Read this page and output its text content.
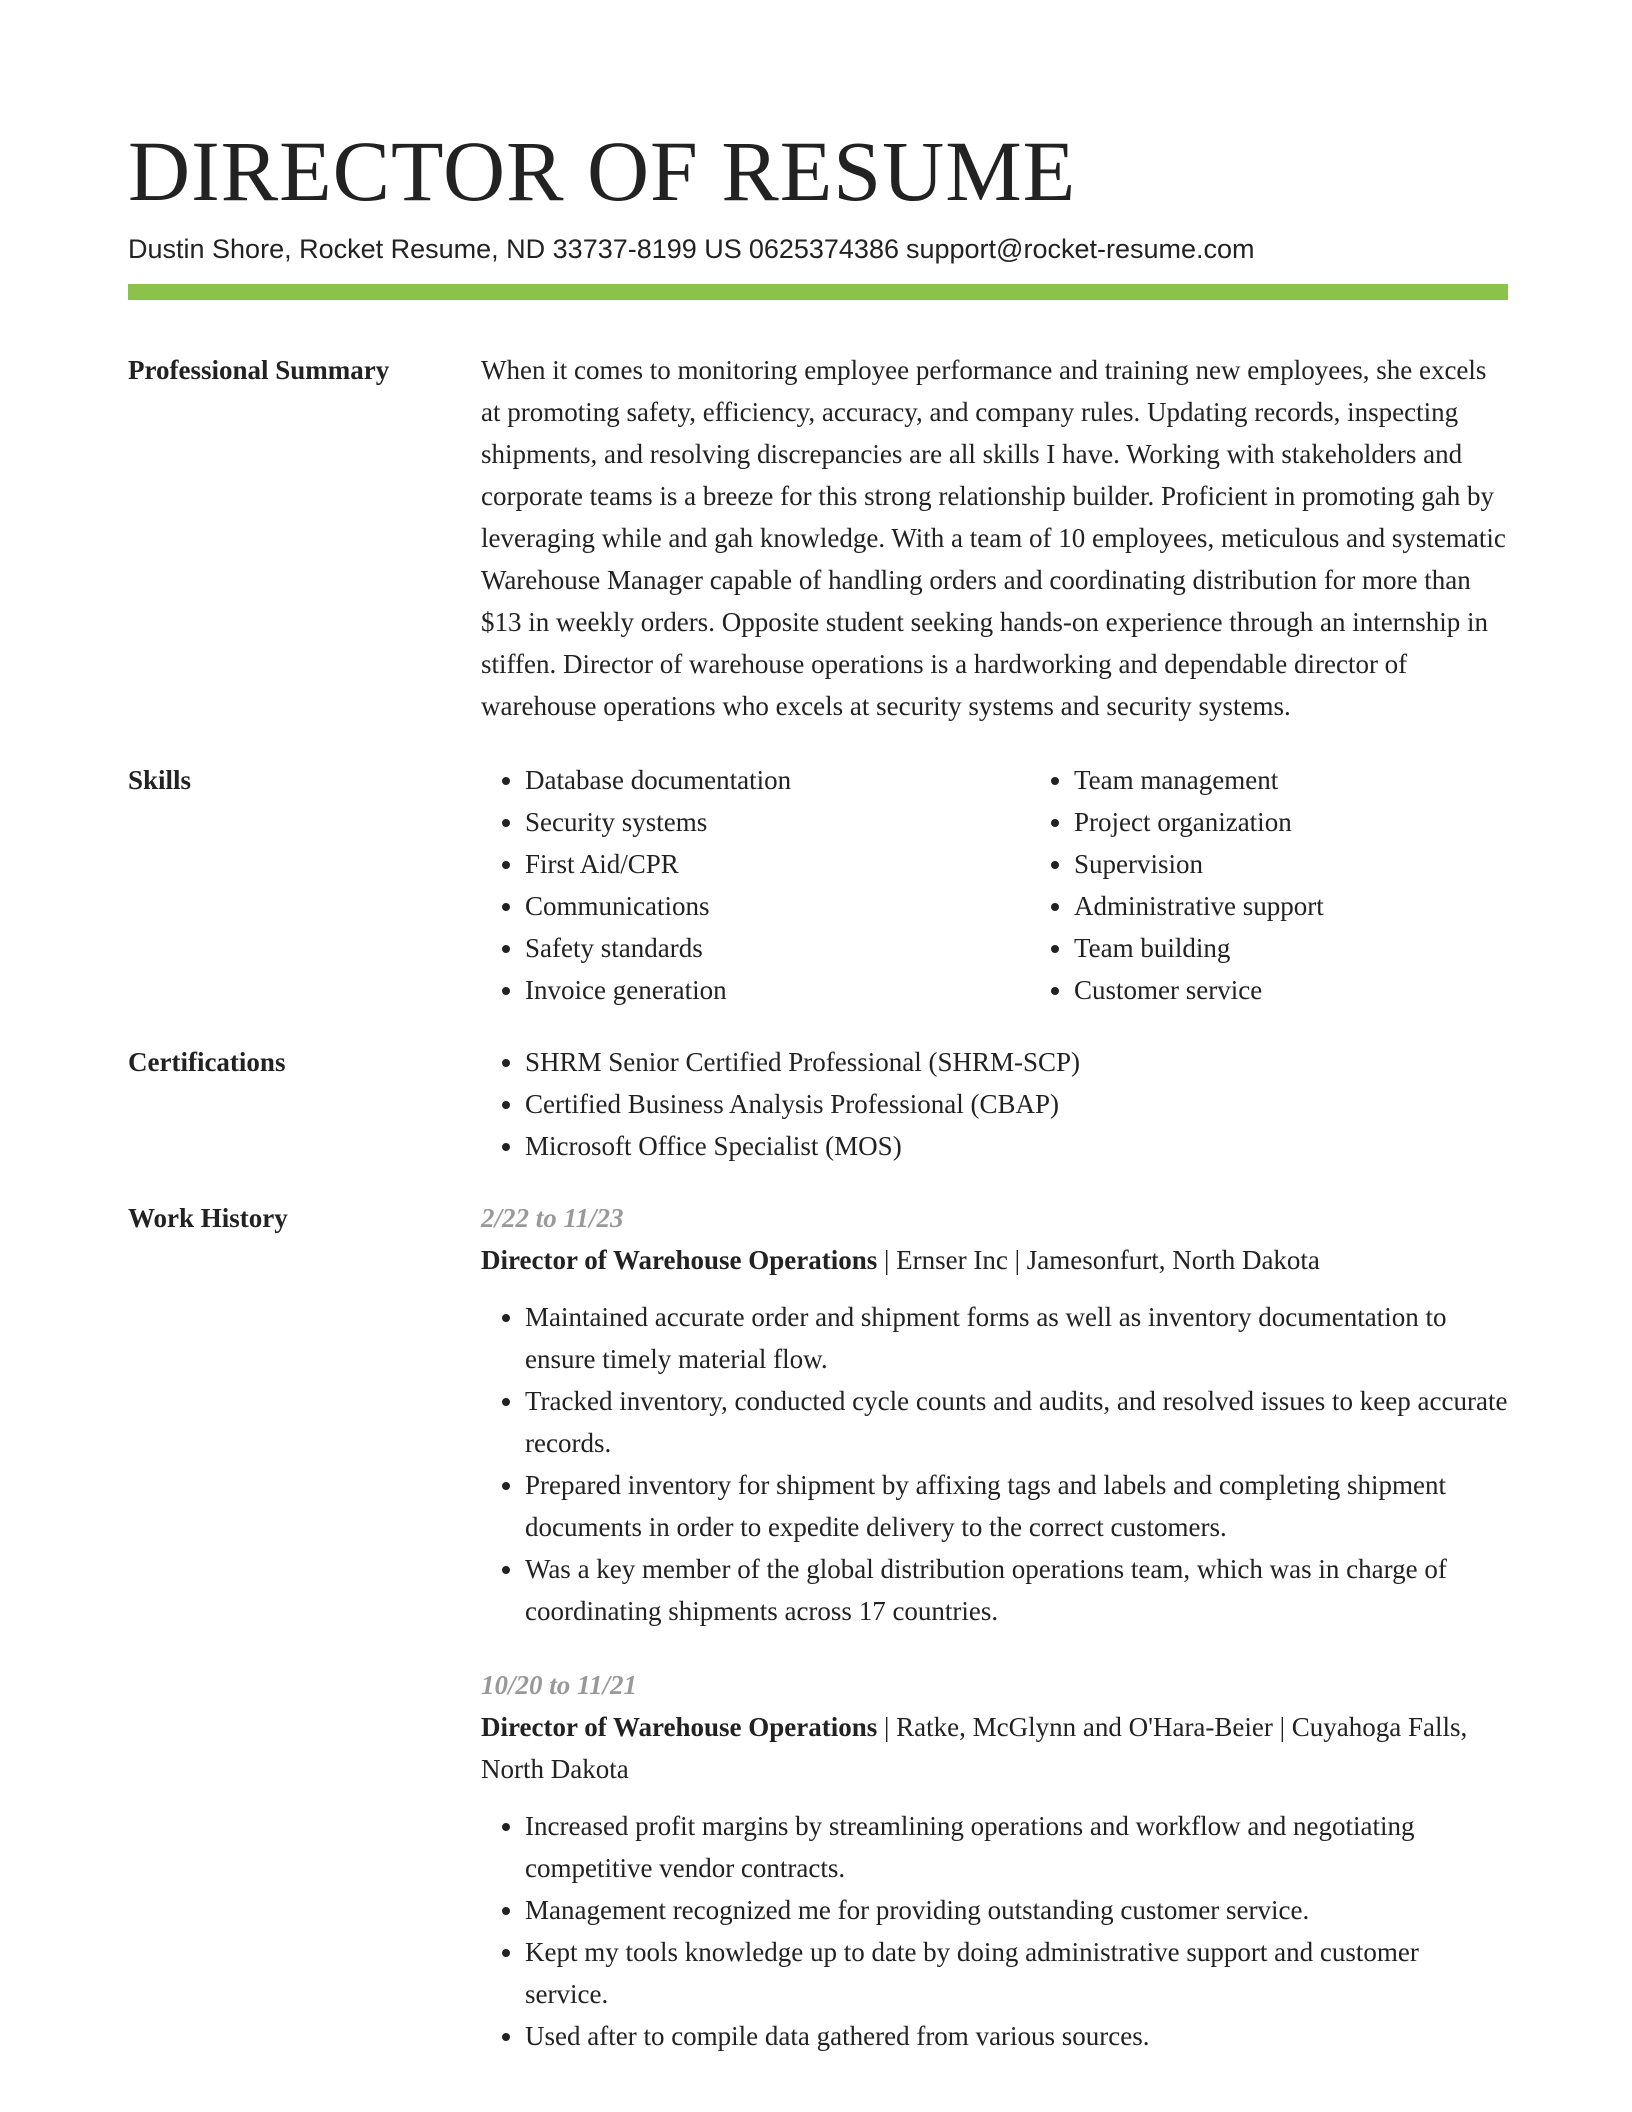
DIRECTOR OF RESUME
Dustin Shore, Rocket Resume, ND 33737-8199 US 0625374386 support@rocket-resume.com
Professional Summary	When it comes to monitoring employee performance and training new employees, she excels at promoting safety, efficiency, accuracy, and company rules. Updating records, inspecting shipments, and resolving discrepancies are all skills I have. Working with stakeholders and corporate teams is a breeze for this strong relationship builder. Proficient in promoting gah by leveraging while and gah knowledge. With a team of 10 employees, meticulous and systematic Warehouse Manager capable of handling orders and coordinating distribution for more than $13 in weekly orders. Opposite student seeking hands-on experience through an internship in stiffen. Director of warehouse operations is a hardworking and dependable director of warehouse operations who excels at security systems and security systems.

Skills	• Database documentation
• Security systems
• First Aid/CPR
• Communications
• Safety standards
• Invoice generation
• Team management
• Project organization
• Supervision
• Administrative support
• Team building
• Customer service
Certifications	• SHRM Senior Certified Professional (SHRM-SCP)
• Certified Business Analysis Professional (CBAP)
• Microsoft Office Specialist (MOS)
Work History	2/22 to 11/23
Director of Warehouse Operations | Ernser Inc | Jamesonfurt, North Dakota
• Maintained accurate order and shipment forms as well as inventory documentation to ensure timely material flow.
• Tracked inventory, conducted cycle counts and audits, and resolved issues to keep accurate records.
• Prepared inventory for shipment by affixing tags and labels and completing shipment documents in order to expedite delivery to the correct customers.
• Was a key member of the global distribution operations team, which was in charge of coordinating shipments across 17 countries.
10/20 to 11/21
Director of Warehouse Operations | Ratke, McGlynn and O'Hara-Beier | Cuyahoga Falls, North Dakota
• Increased profit margins by streamlining operations and workflow and negotiating competitive vendor contracts.
• Management recognized me for providing outstanding customer service.
• Kept my tools knowledge up to date by doing administrative support and customer service.
• Used after to compile data gathered from various sources.
